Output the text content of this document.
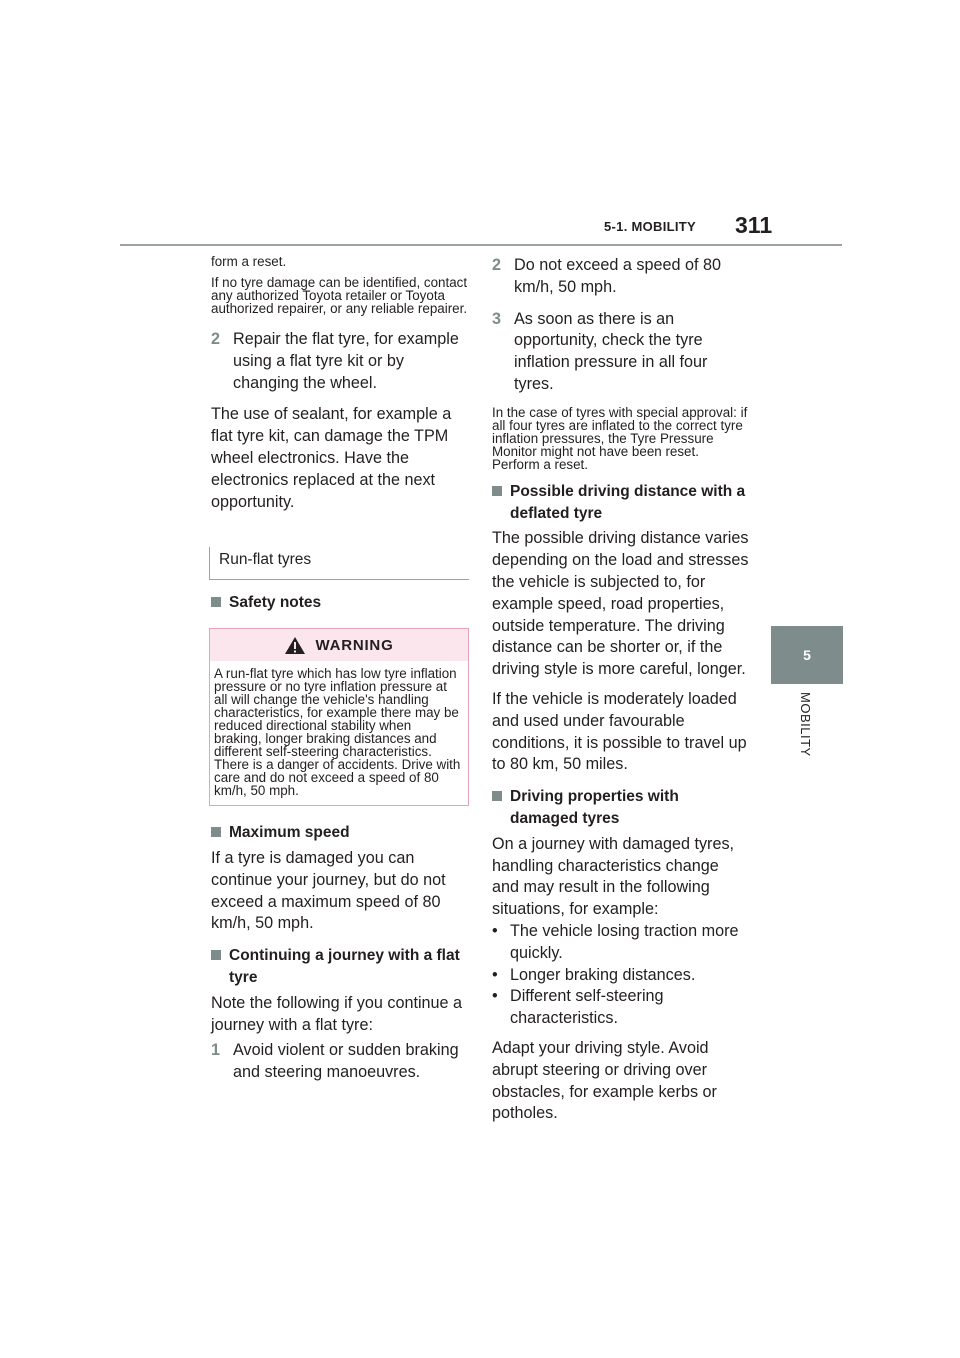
5-1. MOBILITY 311
5
MOBILITY

form a reset.

If no tyre damage can be identified, contact any authorized Toyota retailer or Toyota authorized repairer, or any reliable repairer.

2 Repair the flat tyre, for example using a flat tyre kit or by changing the wheel.

The use of sealant, for example a flat tyre kit, can damage the TPM wheel electronics. Have the electronics replaced at the next opportunity.

Run-flat tyres
Safety notes
WARNING
A run-flat tyre which has low tyre inflation pressure or no tyre inflation pressure at all will change the vehicle's handling characteristics, for example there may be reduced directional stability when braking, longer braking distances and different self-steering characteristics. There is a danger of accidents. Drive with care and do not exceed a speed of 80 km/h, 50 mph.
Maximum speed

If a tyre is damaged you can continue your journey, but do not exceed a maximum speed of 80 km/h, 50 mph.

Continuing a journey with a flat tyre

Note the following if you continue a journey with a flat tyre:

1 Avoid violent or sudden braking and steering manoeuvres.
2 Do not exceed a speed of 80 km/h, 50 mph.
3 As soon as there is an opportunity, check the tyre inflation pressure in all four tyres.

In the case of tyres with special approval: if all four tyres are inflated to the correct tyre inflation pressures, the Tyre Pressure Monitor might not have been reset. Perform a reset.

Possible driving distance with a deflated tyre

The possible driving distance varies depending on the load and stresses the vehicle is subjected to, for example speed, road properties, outside temperature. The driving distance can be shorter or, if the driving style is more careful, longer.

If the vehicle is moderately loaded and used under favourable conditions, it is possible to travel up to 80 km, 50 miles.

Driving properties with damaged tyres

On a journey with damaged tyres, handling characteristics change and may result in the following situations, for example:

• The vehicle losing traction more quickly.
• Longer braking distances.
• Different self-steering characteristics.

Adapt your driving style. Avoid abrupt steering or driving over obstacles, for example kerbs or potholes.
